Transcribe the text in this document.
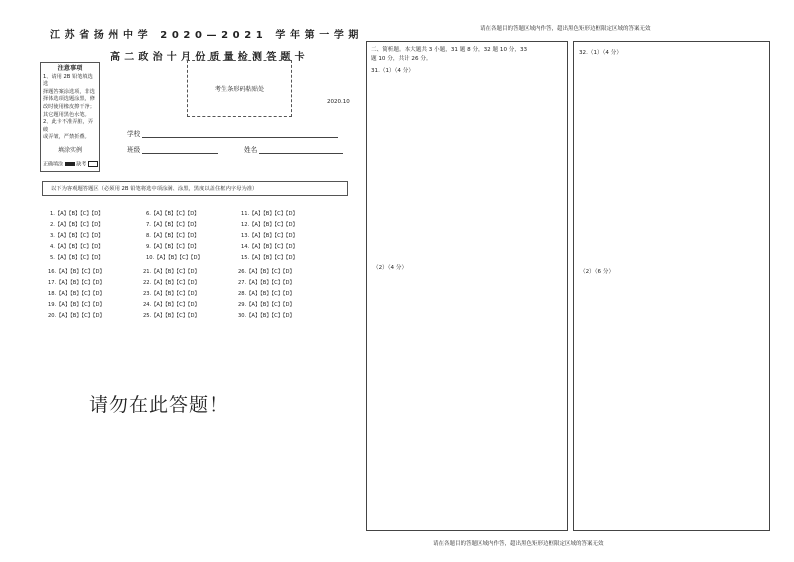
江苏省扬州中学 2020—2021 学年第一学期
高二政治十月份质量检测答题卡
注意事项
1、请用 2B 铅笔填选选
择题答案涂选项，非选
择体选项选题涂黑，修
改时使用橡皮擦干净；
其它题用黑色水笔。
2、此卡不准弄脏，弄破
或弄皱，严禁折叠。
填涂实例
正确填涂	缺考
考生条形码粘贴处
2020.10
学校
班级	姓名
以下为客观题答题区（必须用 2B 铅笔将选中项涂满、涂黑，黑度以盖住框内字母为准）
1.【A】【B】【C】【D】	6.【A】【B】【C】【D】	11.【A】【B】【C】【D】
2.【A】【B】【C】【D】	7.【A】【B】【C】【D】	12.【A】【B】【C】【D】
3.【A】【B】【C】【D】	8.【A】【B】【C】【D】	13.【A】【B】【C】【D】
4.【A】【B】【C】【D】	9.【A】【B】【C】【D】	14.【A】【B】【C】【D】
5.【A】【B】【C】【D】	10.【A】【B】【C】【D】	15.【A】【B】【C】【D】
16.【A】【B】【C】【D】	21.【A】【B】【C】【D】	26.【A】【B】【C】【D】
17.【A】【B】【C】【D】	22.【A】【B】【C】【D】	27.【A】【B】【C】【D】
18.【A】【B】【C】【D】	23.【A】【B】【C】【D】	28.【A】【B】【C】【D】
19.【A】【B】【C】【D】	24.【A】【B】【C】【D】	29.【A】【B】【C】【D】
20.【A】【B】【C】【D】	25.【A】【B】【C】【D】	30.【A】【B】【C】【D】
请勿在此答题！
请在各题目的答题区域内作答，超出黑色矩形边框限定区域的答案无效
二、简析题。本大题共 3 小题，31 题 8 分，32 题 10 分，33
题 10 分，共计 26 分。
31.（1）（4 分）
（2）（4 分）
32.（1）（4 分）
（2）（6 分）
请在各题目的答题区域内作答，超出黑色矩形边框限定区域的答案无效
